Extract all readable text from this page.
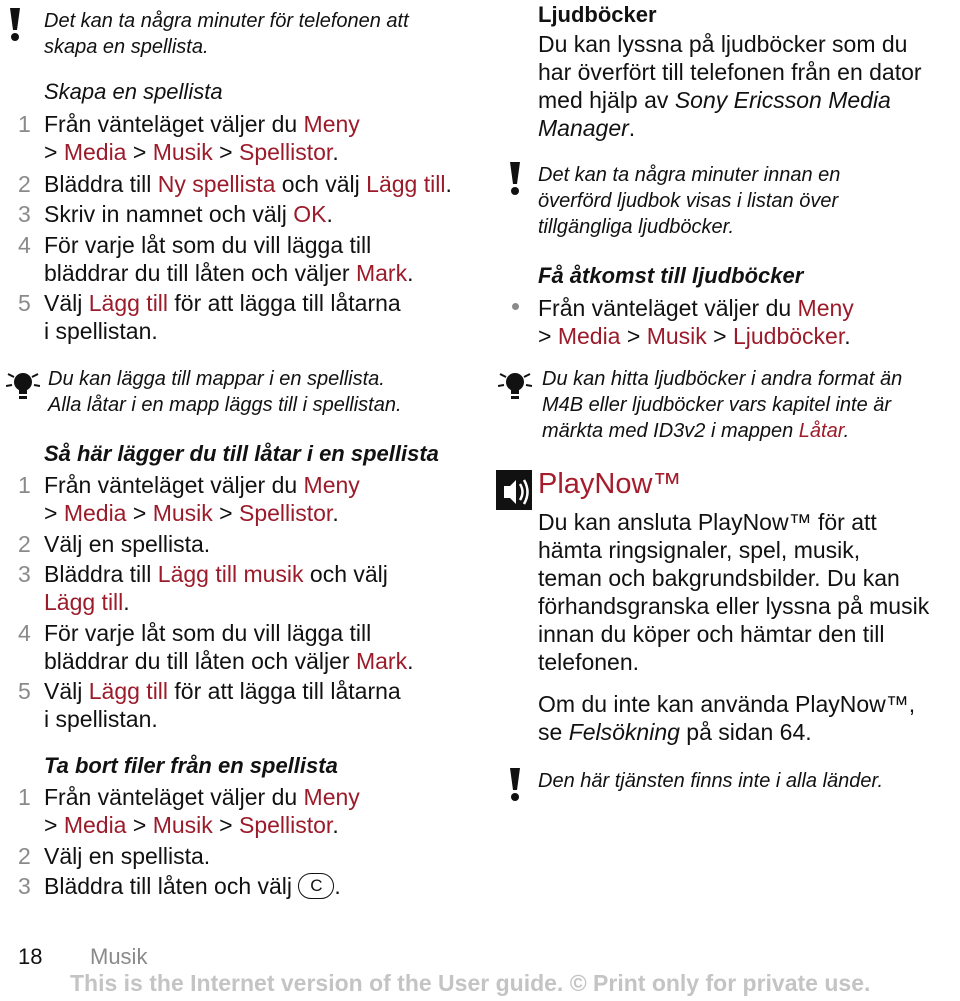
Det kan ta några minuter för telefonen att
skapa en spellista.
Skapa en spellista
1 Från vänteläget väljer du Meny
> Media > Musik > Spellistor.
2 Bläddra till Ny spellista och välj Lägg till.
3 Skriv in namnet och välj OK.
4 För varje låt som du vill lägga till
bläddrar du till låten och väljer Mark.
5 Välj Lägg till för att lägga till låtarna
i spellistan.
Du kan lägga till mappar i en spellista.
Alla låtar i en mapp läggs till i spellistan.
Så här lägger du till låtar i en spellista
1 Från vänteläget väljer du Meny
> Media > Musik > Spellistor.
2 Välj en spellista.
3 Bläddra till Lägg till musik och välj
Lägg till.
4 För varje låt som du vill lägga till
bläddrar du till låten och väljer Mark.
5 Välj Lägg till för att lägga till låtarna
i spellistan.
Ta bort filer från en spellista
1 Från vänteläget väljer du Meny
> Media > Musik > Spellistor.
2 Välj en spellista.
3 Bläddra till låten och välj C .
Ljudböcker
Du kan lyssna på ljudböcker som du
har överfört till telefonen från en dator
med hjälp av Sony Ericsson Media
Manager.
Det kan ta några minuter innan en
överförd ljudbok visas i listan över
tillgängliga ljudböcker.
Få åtkomst till ljudböcker
Från vänteläget väljer du Meny
> Media > Musik > Ljudböcker.
Du kan hitta ljudböcker i andra format än
M4B eller ljudböcker vars kapitel inte är
märkta med ID3v2 i mappen Låtar.
PlayNow™
Du kan ansluta PlayNow™ för att
hämta ringsignaler, spel, musik,
teman och bakgrundsbilder. Du kan
förhandsgranska eller lyssna på musik
innan du köper och hämtar den till
telefonen.
Om du inte kan använda PlayNow™,
se Felsökning på sidan 64.
Den här tjänsten finns inte i alla länder.
18 Musik
This is the Internet version of the User guide. © Print only for private use.
